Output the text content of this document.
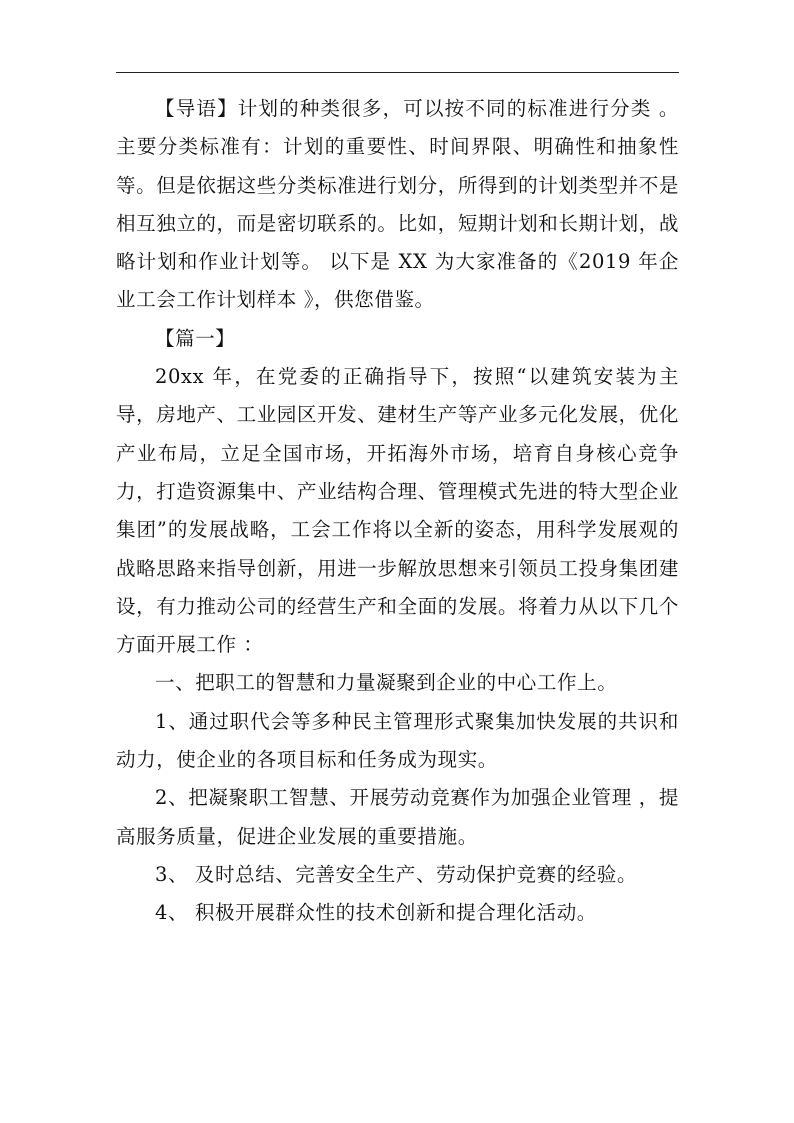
【导语】计划的种类很多，可以按不同的标准进行分类 。主要分类标准有：计划的重要性、时间界限、明确性和抽象性等。但是依据这些分类标准进行划分，所得到的计划类型并不是相互独立的，而是密切联系的。比如，短期计划和长期计划，战略计划和作业计划等。 以下是 XX 为大家准备的《2019 年企业工会工作计划样本 》，供您借鉴。

【篇一】

20xx 年，在党委的正确指导下，按照“以建筑安装为主导，房地产、工业园区开发、建材生产等产业多元化发展，优化产业布局，立足全国市场，开拓海外市场，培育自身核心竞争力，打造资源集中、产业结构合理、管理模式先进的特大型企业集团”的发展战略，工会工作将以全新的姿态，用科学发展观的战略思路来指导创新，用进一步解放思想来引领员工投身集团建设，有力推动公司的经营生产和全面的发展。将着力从以下几个方面开展工作 ：

一、把职工的智慧和力量凝聚到企业的中心工作上。

1、通过职代会等多种民主管理形式聚集加快发展的共识和动力，使企业的各项目标和任务成为现实。

2、把凝聚职工智慧、开展劳动竞赛作为加强企业管理 ，提高服务质量，促进企业发展的重要措施。

3、 及时总结、完善安全生产、劳动保护竞赛的经验。

4、 积极开展群众性的技术创新和提合理化活动。
